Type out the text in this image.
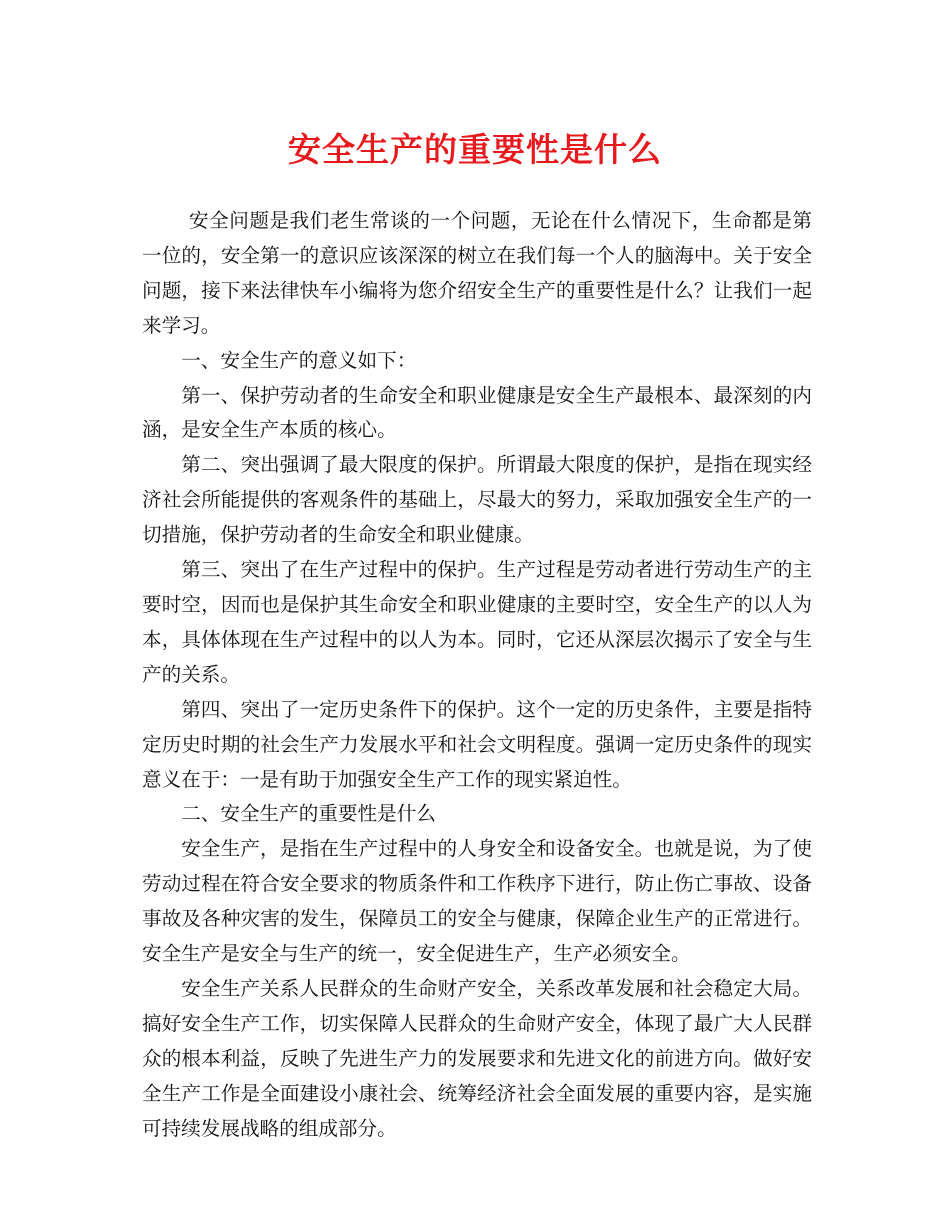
安全生产的重要性是什么

安全问题是我们老生常谈的一个问题，无论在什么情况下，生命都是第一位的，安全第一的意识应该深深的树立在我们每一个人的脑海中。关于安全问题，接下来法律快车小编将为您介绍安全生产的重要性是什么？让我们一起来学习。

一、安全生产的意义如下：

第一、保护劳动者的生命安全和职业健康是安全生产最根本、最深刻的内涵，是安全生产本质的核心。

第二、突出强调了最大限度的保护。所谓最大限度的保护，是指在现实经济社会所能提供的客观条件的基础上，尽最大的努力，采取加强安全生产的一切措施，保护劳动者的生命安全和职业健康。

第三、突出了在生产过程中的保护。生产过程是劳动者进行劳动生产的主要时空，因而也是保护其生命安全和职业健康的主要时空，安全生产的以人为本，具体体现在生产过程中的以人为本。同时，它还从深层次揭示了安全与生产的关系。

第四、突出了一定历史条件下的保护。这个一定的历史条件，主要是指特定历史时期的社会生产力发展水平和社会文明程度。强调一定历史条件的现实意义在于：一是有助于加强安全生产工作的现实紧迫性。

二、安全生产的重要性是什么

安全生产，是指在生产过程中的人身安全和设备安全。也就是说，为了使劳动过程在符合安全要求的物质条件和工作秩序下进行，防止伤亡事故、设备事故及各种灾害的发生，保障员工的安全与健康，保障企业生产的正常进行。安全生产是安全与生产的统一，安全促进生产，生产必须安全。

安全生产关系人民群众的生命财产安全，关系改革发展和社会稳定大局。搞好安全生产工作，切实保障人民群众的生命财产安全，体现了最广大人民群众的根本利益，反映了先进生产力的发展要求和先进文化的前进方向。做好安全生产工作是全面建设小康社会、统筹经济社会全面发展的重要内容，是实施可持续发展战略的组成部分。
